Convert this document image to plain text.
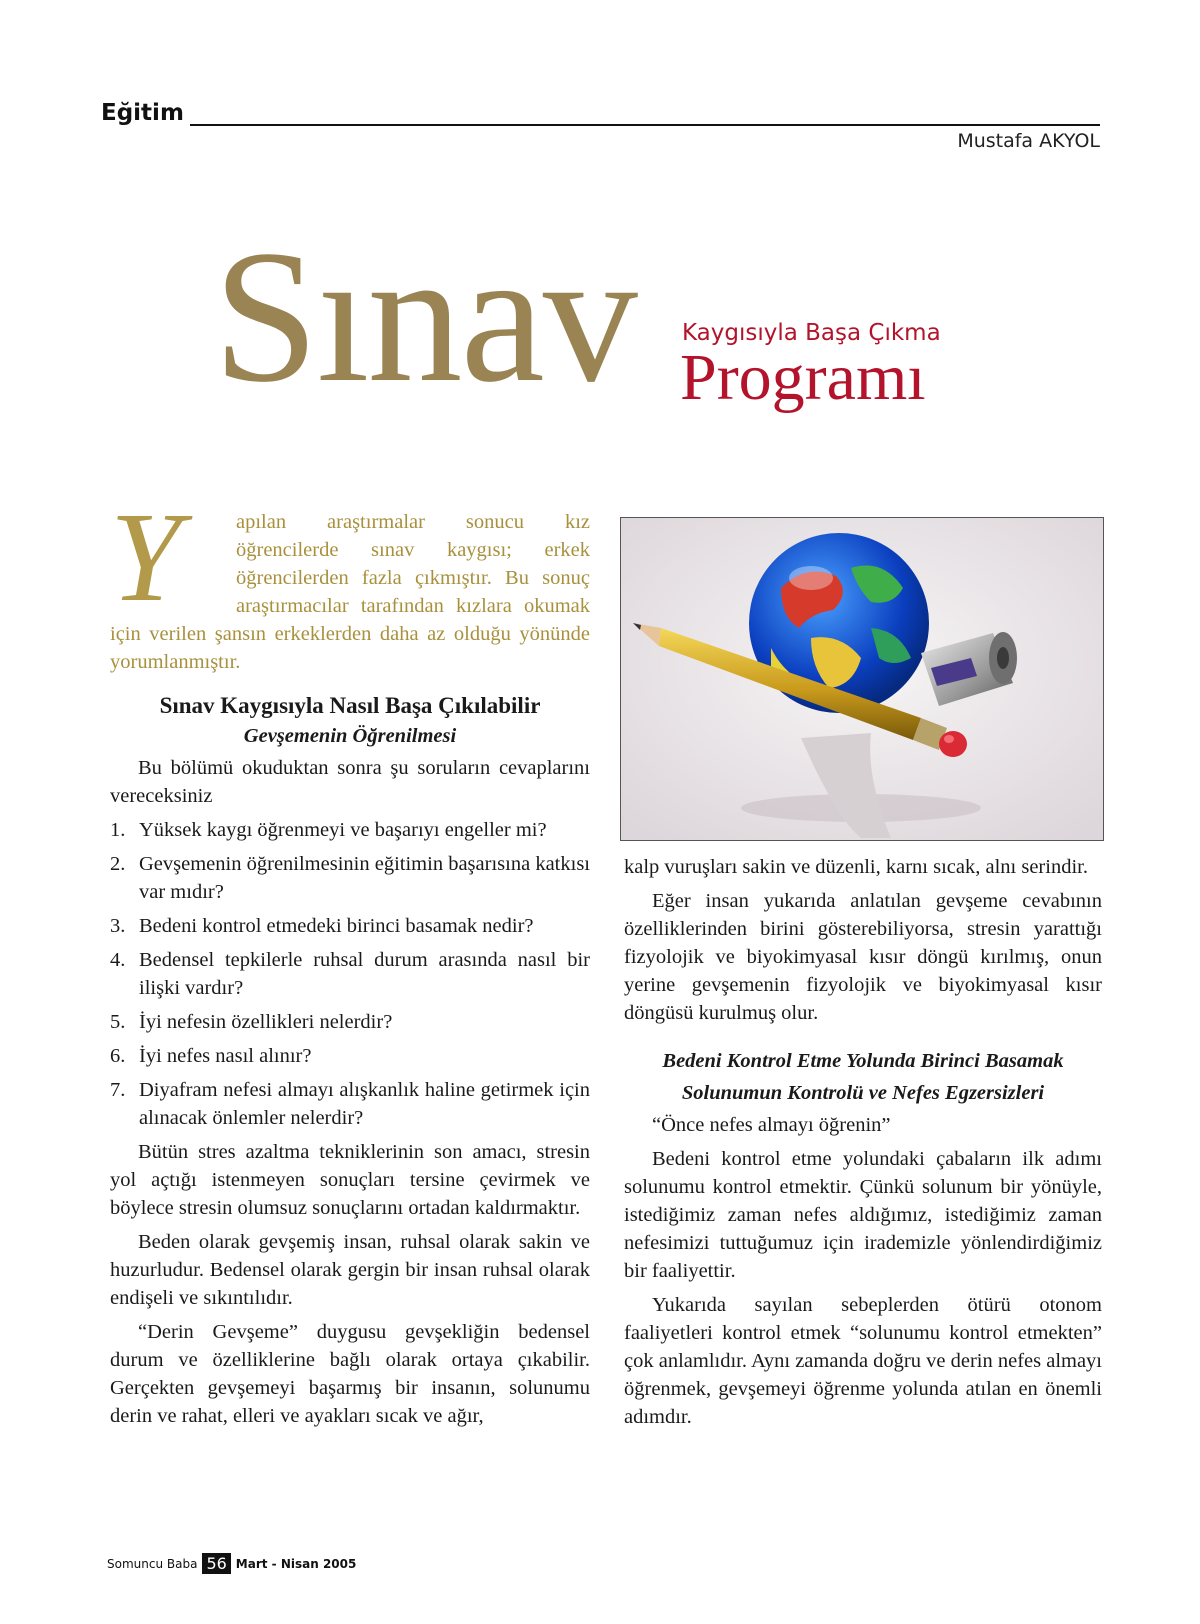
Eğitim
Mustafa AKYOL
Sınav Kaygısıyla Başa Çıkma
Programı
Y	apılan araştırmalar sonucu kız öğrencilerde sınav kaygısı; erkek öğrencilerden fazla çıkmıştır. Bu sonuç araştırmacılar tarafından kızlara okumak için verilen şansın erkeklerden daha az olduğu yönünde yorumlanmıştır.
Sınav Kaygısıyla Nasıl Başa Çıkılabilir
Gevşemenin Öğrenilmesi

Bu bölümü okuduktan sonra şu soruların cevaplarını vereceksiniz

1. Yüksek kaygı öğrenmeyi ve başarıyı engeller mi?
2. Gevşemenin öğrenilmesinin eğitimin başarısına katkısı var mıdır?
3. Bedeni kontrol etmedeki birinci basamak nedir?
4. Bedensel tepkilerle ruhsal durum arasında nasıl bir ilişki vardır?
5. İyi nefesin özellikleri nelerdir?
6. İyi nefes nasıl alınır?
7. Diyafram nefesi almayı alışkanlık haline getirmek için alınacak önlemler nelerdir?

Bütün stres azaltma tekniklerinin son amacı, stresin yol açtığı istenmeyen sonuçları tersine çevirmek ve böylece stresin olumsuz sonuçlarını ortadan kaldırmaktır.

Beden olarak gevşemiş insan, ruhsal olarak sakin ve huzurludur. Bedensel olarak gergin bir insan ruhsal olarak endişeli ve sıkıntılıdır.

“Derin Gevşeme” duygusu gevşekliğin bedensel durum ve özelliklerine bağlı olarak ortaya çıkabilir. Gerçekten gevşemeyi başarmış bir insanın, solunumu derin ve rahat, elleri ve ayakları sıcak ve ağır,

kalp vuruşları sakin ve düzenli, karnı sıcak, alnı serindir.

Eğer insan yukarıda anlatılan gevşeme cevabının özelliklerinden birini gösterebiliyorsa, stresin yarattığı fizyolojik ve biyokimyasal kısır döngü kırılmış, onun yerine gevşemenin fizyolojik ve biyokimyasal kısır döngüsü kurulmuş olur.

Bedeni Kontrol Etme Yolunda Birinci Basamak
Solunumun Kontrolü ve Nefes Egzersizleri

“Önce nefes almayı öğrenin”

Bedeni kontrol etme yolundaki çabaların ilk adımı solunumu kontrol etmektir. Çünkü solunum bir yönüyle, istediğimiz zaman nefes aldığımız, istediğimiz zaman nefesimizi tuttuğumuz için irademizle yönlendirdiğimiz bir faaliyettir.

Yukarıda sayılan sebeplerden ötürü otonom faaliyetleri kontrol etmek “solunumu kontrol etmekten” çok anlamlıdır. Aynı zamanda doğru ve derin nefes almayı öğrenmek, gevşemeyi öğrenme yolunda atılan en önemli adımdır.

Somuncu Baba 56 Mart - Nisan 2005
